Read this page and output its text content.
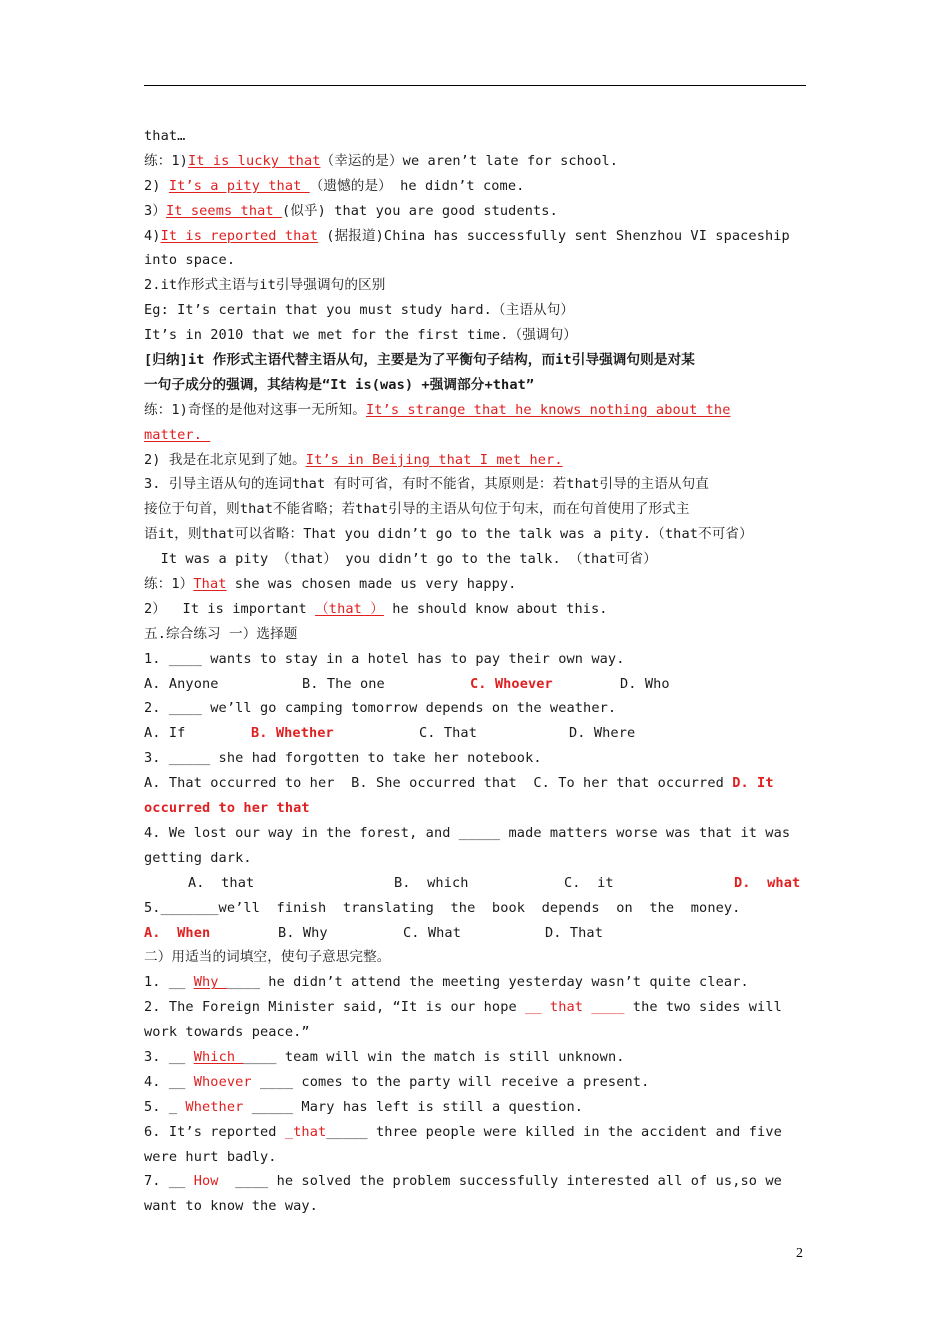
that…
练：1)It is lucky that（幸运的是）we aren’t late for school.
2) It’s a pity that （遗憾的是） he didn’t come.
3）It seems that (似乎) that you are good students.
4)It is reported that (据报道)China has successfully sent Shenzhou VI spaceship
into space.
2.it作形式主语与it引导强调句的区别
Eg: It’s certain that you must study hard.（主语从句）
It’s in 2010 that we met for the first time.（强调句）
[归纳]it 作形式主语代替主语从句，主要是为了平衡句子结构，而it引导强调句则是对某
一句子成分的强调，其结构是“It is(was) +强调部分+that”
练：1)奇怪的是他对这事一无所知。It’s strange that he knows nothing about the
matter.
2) 我是在北京见到了她。It’s in Beijing that I met her.
3. 引导主语从句的连词that 有时可省，有时不能省，其原则是：若that引导的主语从句直
接位于句首，则that不能省略；若that引导的主语从句位于句末，而在句首使用了形式主
语it，则that可以省略：That you didn’t go to the talk was a pity.（that不可省）
It was a pity （that） you didn’t go to the talk. （that可省）
练：1）That she was chosen made us very happy.
2）  It is important （that ） he should know about this.
五.综合练习 一）选择题
1. ____ wants to stay in a hotel has to pay their own way.
A. Anyone	B. The one	C. Whoever	D. Who
2. ____ we’ll go camping tomorrow depends on the weather.
A. If	B. Whether	C. That	D. Where
3. _____ she had forgotten to take her notebook.
A. That occurred to her  B. She occurred that  C. To her that occurred D. It
occurred to her that
4. We lost our way in the forest, and _____ made matters worse was that it was
getting dark.
A.  that	B.  which	C.  it	D.  what
5._______we’ll  finish  translating  the  book  depends  on  the  money.
A.  When	B. Why	C. What	D. That
二）用适当的词填空，使句子意思完整。
1. __ Why ____ he didn’t attend the meeting yesterday wasn’t quite clear.
2. The Foreign Minister said, “It is our hope __ that ____ the two sides will
work towards peace.”
3. __ Which ____ team will win the match is still unknown.
4. __ Whoever ____ comes to the party will receive a present.
5. _ Whether _____ Mary has left is still a question.
6. It’s reported _that_____ three people were killed in the accident and five
were hurt badly.
7. __ How  ____ he solved the problem successfully interested all of us,so we
want to know the way.
2
